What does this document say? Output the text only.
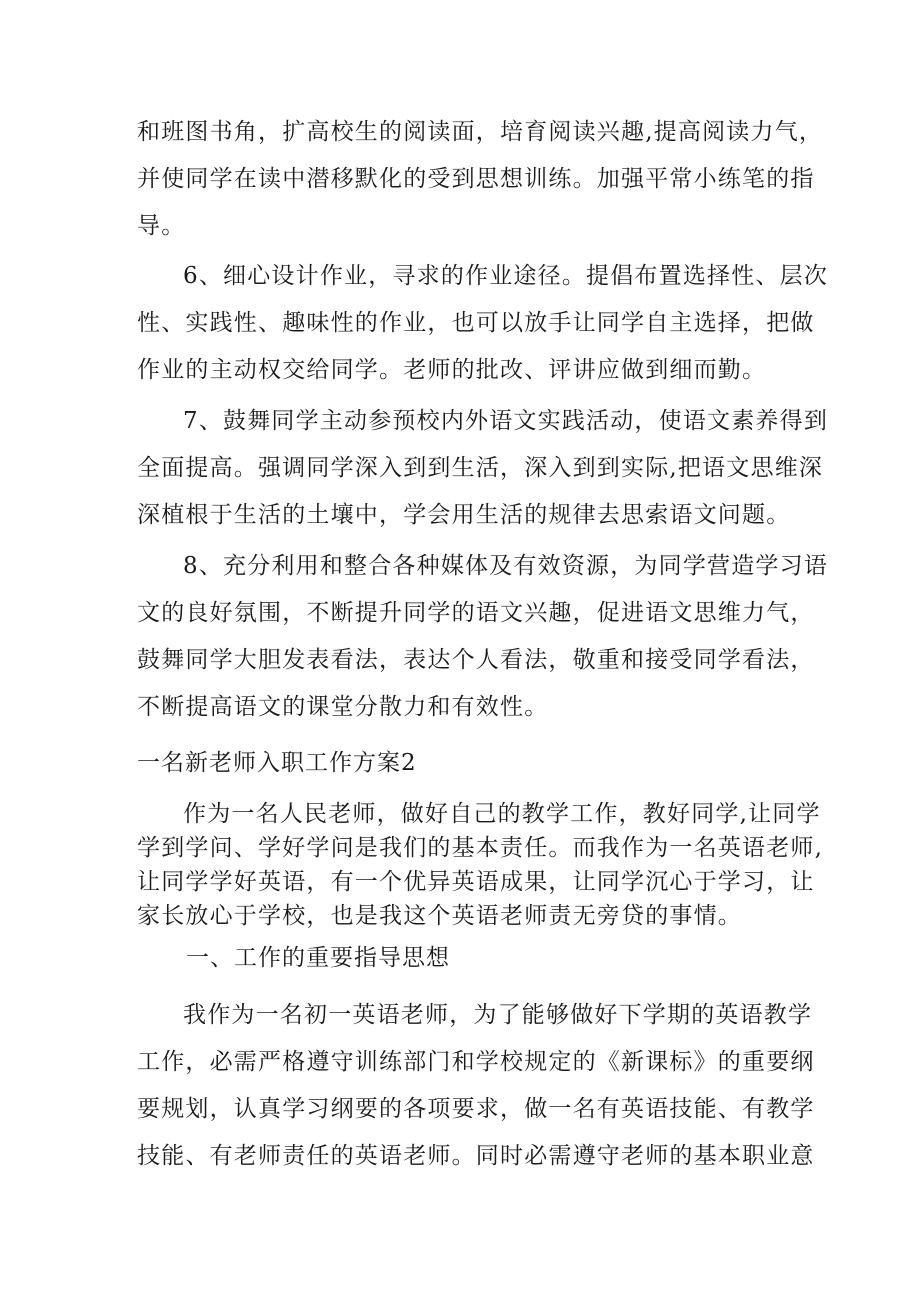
和班图书角，扩高校生的阅读面，培育阅读兴趣,提高阅读力气，
并使同学在读中潜移默化的受到思想训练。加强平常小练笔的指
导。
6、细心设计作业，寻求的作业途径。提倡布置选择性、层次
性、实践性、趣味性的作业，也可以放手让同学自主选择，把做
作业的主动权交给同学。老师的批改、评讲应做到细而勤。
7、鼓舞同学主动参预校内外语文实践活动，使语文素养得到
全面提高。强调同学深入到到生活，深入到到实际,把语文思维深
深植根于生活的土壤中，学会用生活的规律去思索语文问题。
8、充分利用和整合各种媒体及有效资源，为同学营造学习语
文的良好氛围，不断提升同学的语文兴趣，促进语文思维力气，
鼓舞同学大胆发表看法，表达个人看法，敬重和接受同学看法，
不断提高语文的课堂分散力和有效性。
一名新老师入职工作方案2
作为一名人民老师，做好自己的教学工作，教好同学,让同学
学到学问、学好学问是我们的基本责任。而我作为一名英语老师,
让同学学好英语，有一个优异英语成果，让同学沉心于学习，让
家长放心于学校，也是我这个英语老师责无旁贷的事情。
一、工作的重要指导思想
我作为一名初一英语老师，为了能够做好下学期的英语教学
工作，必需严格遵守训练部门和学校规定的《新课标》的重要纲
要规划，认真学习纲要的各项要求，做一名有英语技能、有教学
技能、有老师责任的英语老师。同时必需遵守老师的基本职业意
